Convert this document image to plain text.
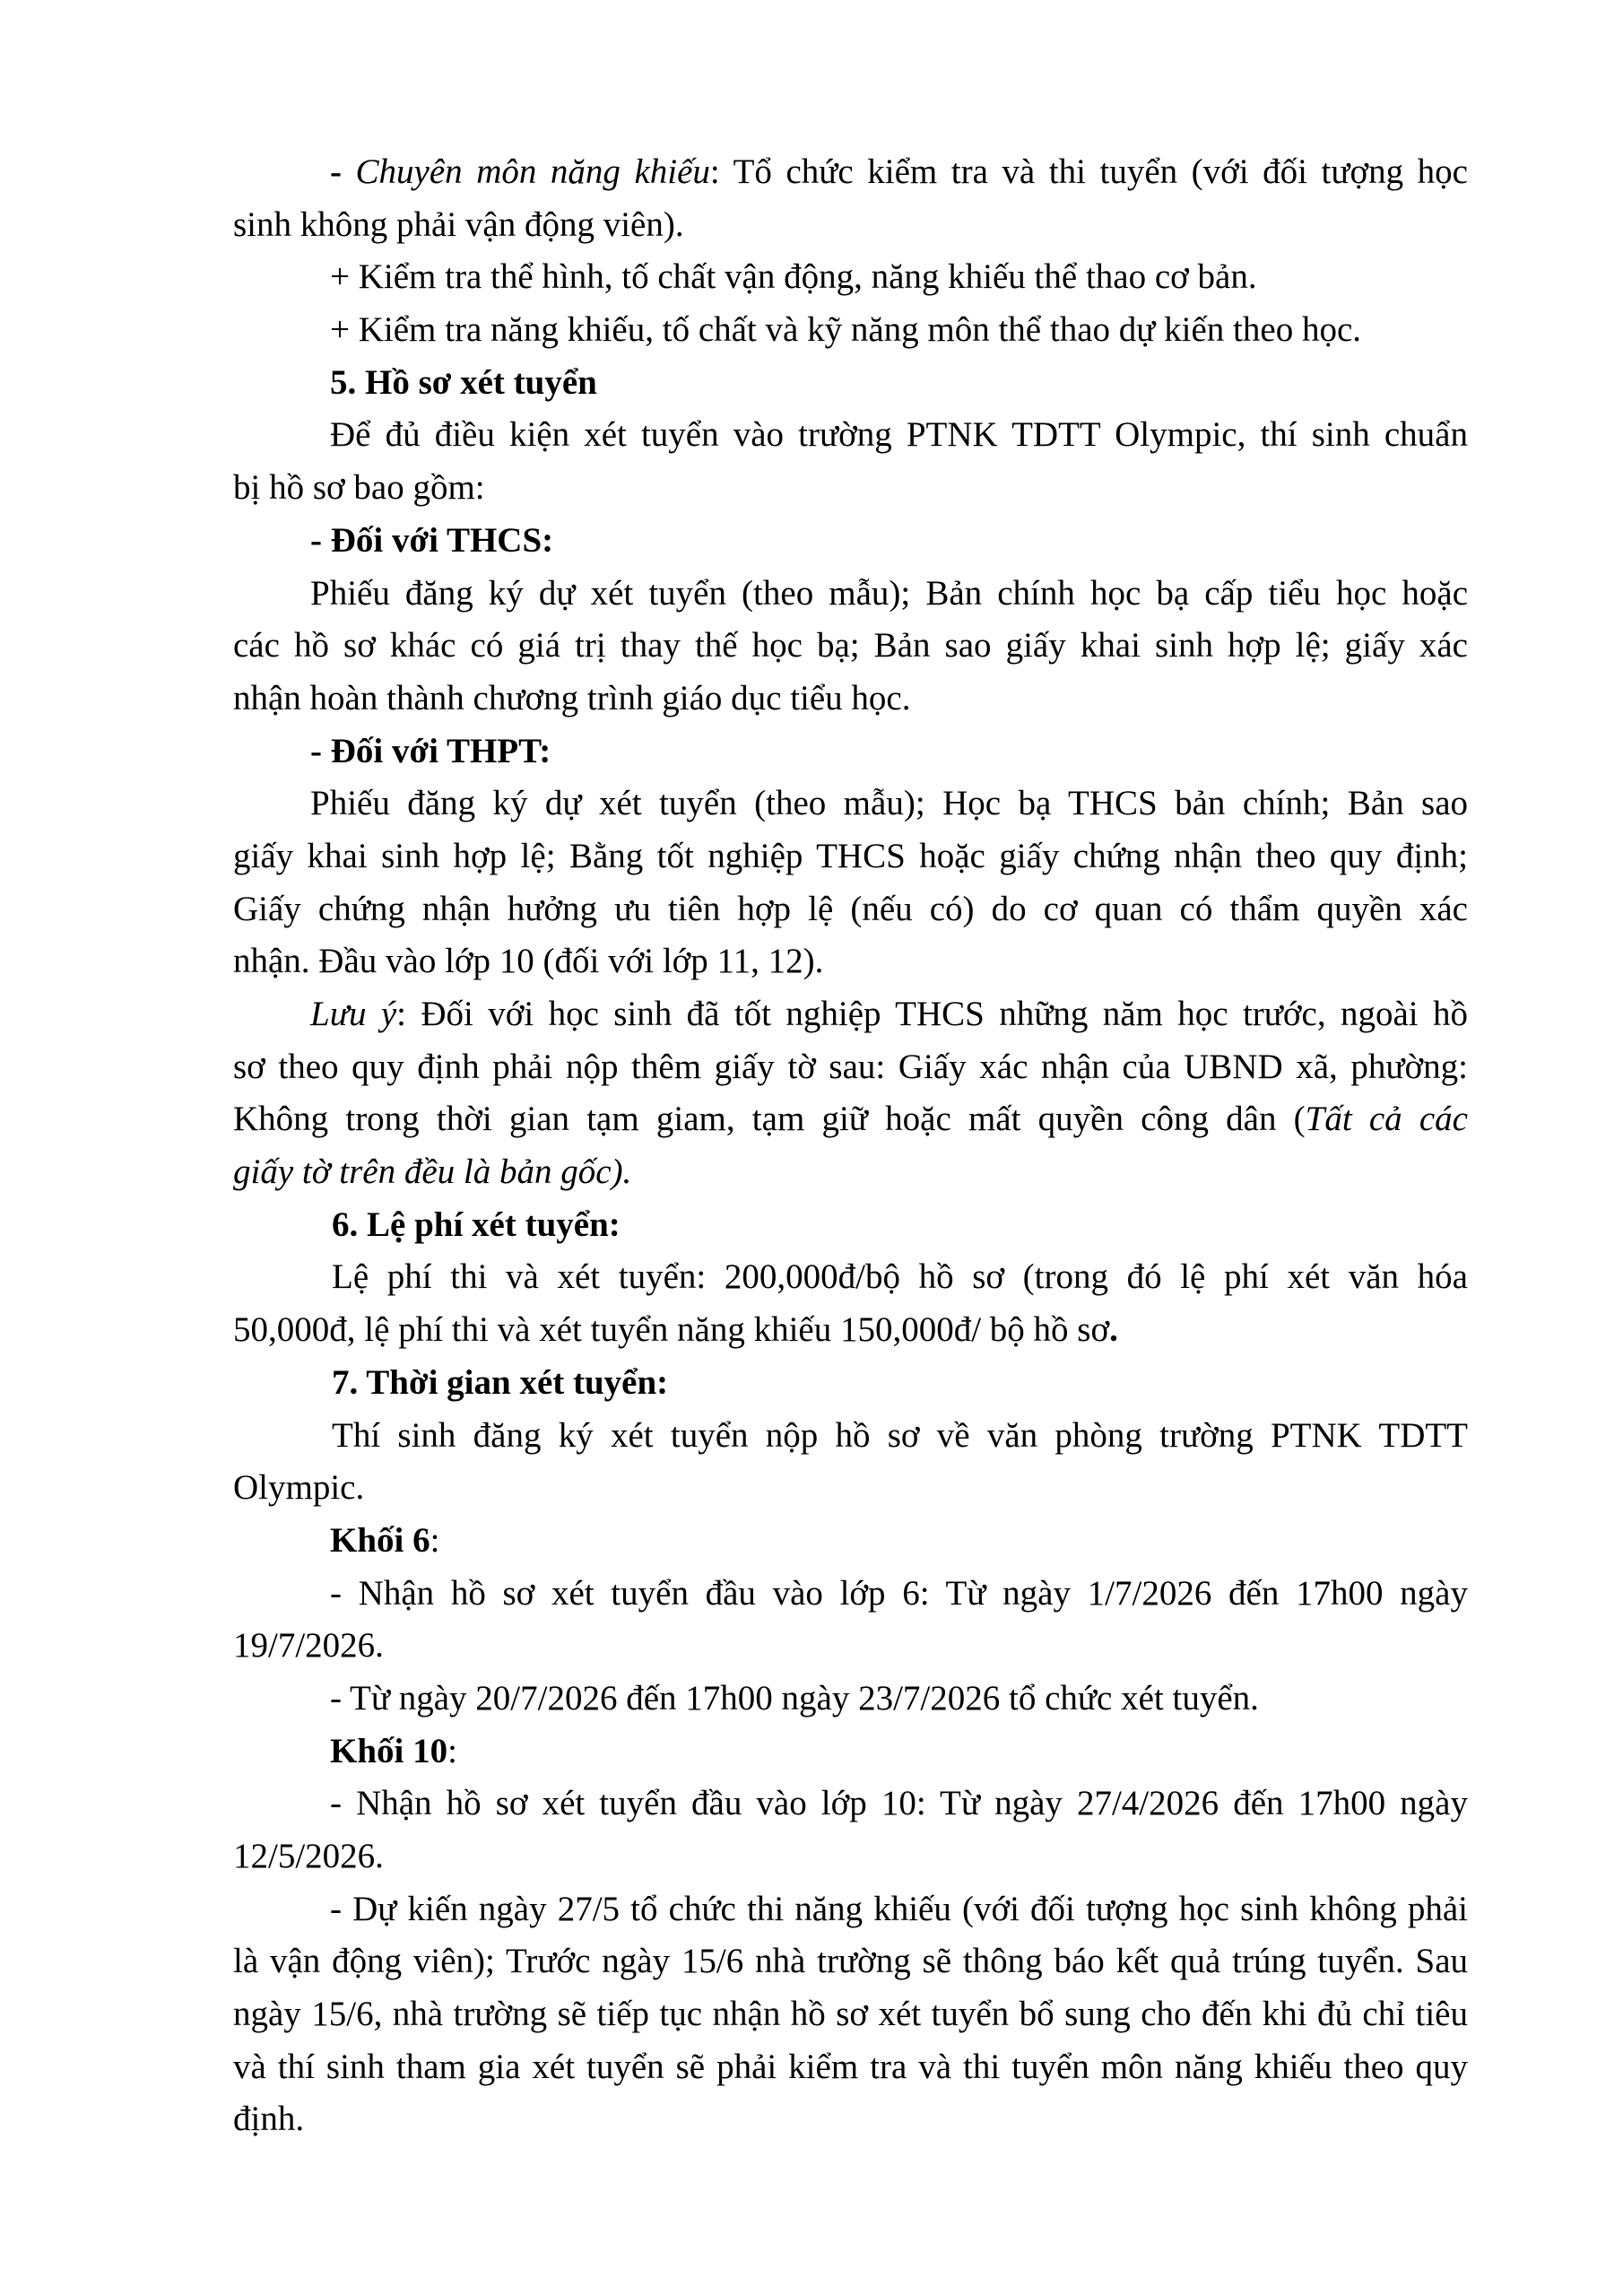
- Chuyên môn năng khiếu: Tổ chức kiểm tra và thi tuyển (với đối tượng học
sinh không phải vận động viên).
+ Kiểm tra thể hình, tố chất vận động, năng khiếu thể thao cơ bản.
+ Kiểm tra năng khiếu, tố chất và kỹ năng môn thể thao dự kiến theo học.
5. Hồ sơ xét tuyển
Để đủ điều kiện xét tuyển vào trường PTNK TDTT Olympic, thí sinh chuẩn
bị hồ sơ bao gồm:
- Đối với THCS:
Phiếu đăng ký dự xét tuyển (theo mẫu); Bản chính học bạ cấp tiểu học hoặc
các hồ sơ khác có giá trị thay thế học bạ; Bản sao giấy khai sinh hợp lệ; giấy xác
nhận hoàn thành chương trình giáo dục tiểu học.
- Đối với THPT:
Phiếu đăng ký dự xét tuyển (theo mẫu); Học bạ THCS bản chính; Bản sao
giấy khai sinh hợp lệ; Bằng tốt nghiệp THCS hoặc giấy chứng nhận theo quy định;
Giấy chứng nhận hưởng ưu tiên hợp lệ (nếu có) do cơ quan có thẩm quyền xác
nhận. Đầu vào lớp 10 (đối với lớp 11, 12).
Lưu ý: Đối với học sinh đã tốt nghiệp THCS những năm học trước, ngoài hồ
sơ theo quy định phải nộp thêm giấy tờ sau: Giấy xác nhận của UBND xã, phường:
Không trong thời gian tạm giam, tạm giữ hoặc mất quyền công dân (Tất cả các
giấy tờ trên đều là bản gốc).
6. Lệ phí xét tuyển:
Lệ phí thi và xét tuyển: 200,000đ/bộ hồ sơ (trong đó lệ phí xét văn hóa
50,000đ, lệ phí thi và xét tuyển năng khiếu 150,000đ/ bộ hồ sơ.
7. Thời gian xét tuyển:
Thí sinh đăng ký xét tuyển nộp hồ sơ về văn phòng trường PTNK TDTT
Olympic.
Khối 6:
- Nhận hồ sơ xét tuyển đầu vào lớp 6: Từ ngày 1/7/2026 đến 17h00 ngày
19/7/2026.
- Từ ngày 20/7/2026 đến 17h00 ngày 23/7/2026 tổ chức xét tuyển.
Khối 10:
- Nhận hồ sơ xét tuyển đầu vào lớp 10: Từ ngày 27/4/2026 đến 17h00 ngày
12/5/2026.
- Dự kiến ngày 27/5 tổ chức thi năng khiếu (với đối tượng học sinh không phải
là vận động viên); Trước ngày 15/6 nhà trường sẽ thông báo kết quả trúng tuyển. Sau
ngày 15/6, nhà trường sẽ tiếp tục nhận hồ sơ xét tuyển bổ sung cho đến khi đủ chỉ tiêu
và thí sinh tham gia xét tuyển sẽ phải kiểm tra và thi tuyển môn năng khiếu theo quy
định.
